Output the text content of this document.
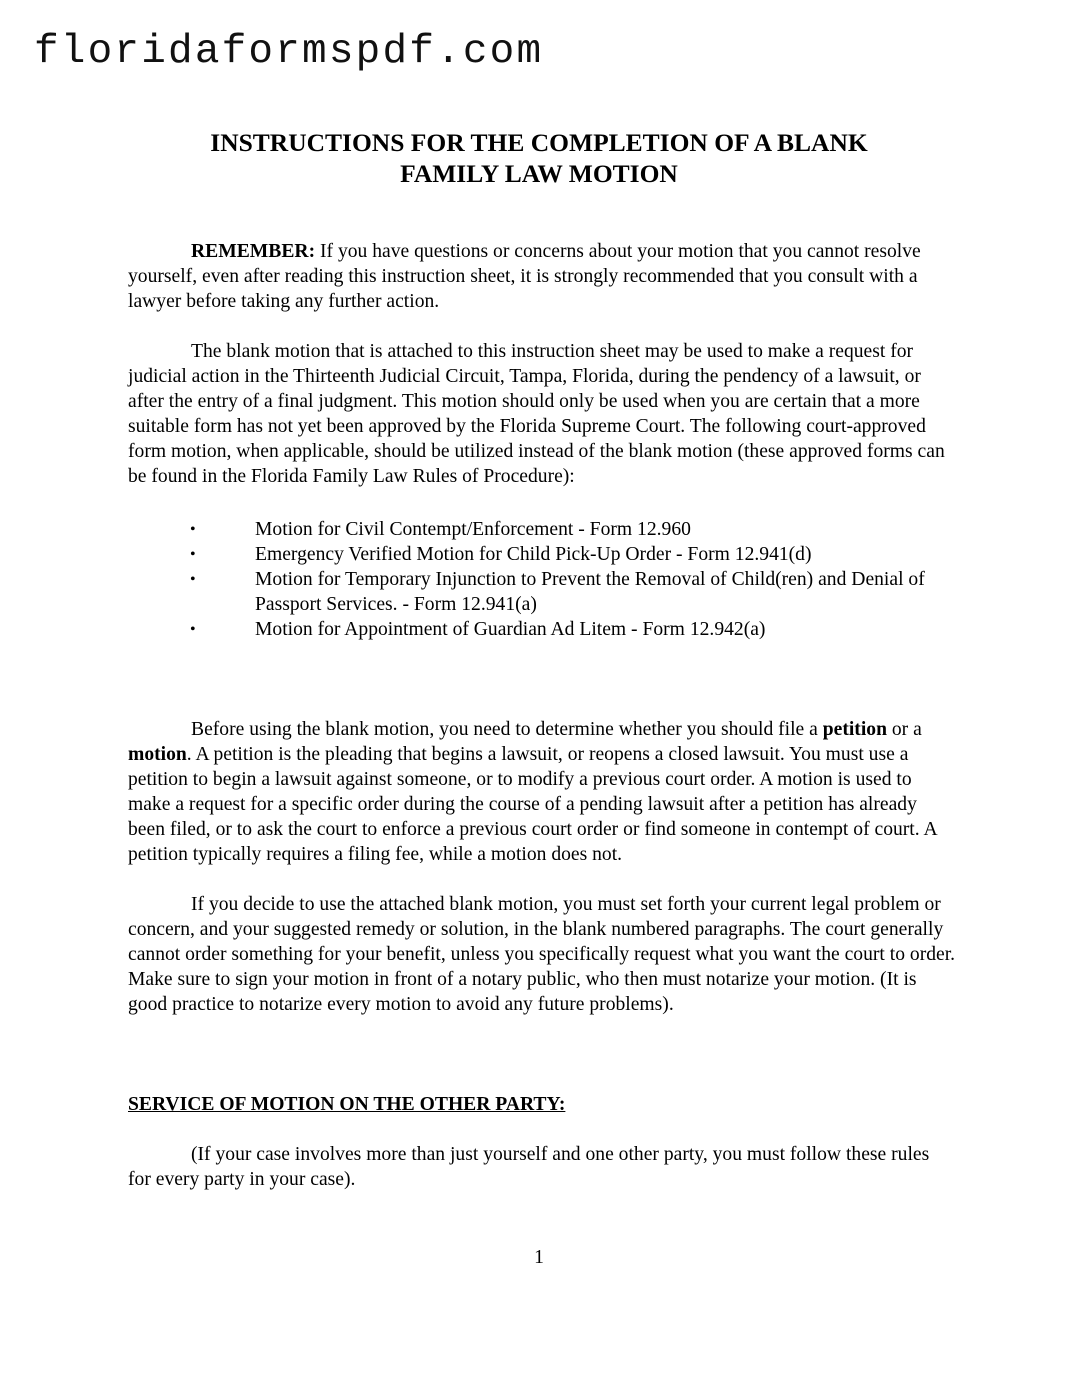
floridaformspdf.com
INSTRUCTIONS FOR THE COMPLETION OF A BLANK
FAMILY LAW MOTION
REMEMBER: If you have questions or concerns about your motion that you cannot resolve yourself, even after reading this instruction sheet, it is strongly recommended that you consult with a lawyer before taking any further action.
The blank motion that is attached to this instruction sheet may be used to make a request for judicial action in the Thirteenth Judicial Circuit, Tampa, Florida, during the pendency of a lawsuit, or after the entry of a final judgment. This motion should only be used when you are certain that a more suitable form has not yet been approved by the Florida Supreme Court. The following court-approved form motion, when applicable, should be utilized instead of the blank motion (these approved forms can be found in the Florida Family Law Rules of Procedure):
•	Motion for Civil Contempt/Enforcement - Form 12.960
•	Emergency Verified Motion for Child Pick-Up Order - Form 12.941(d)
•	Motion for Temporary Injunction to Prevent the Removal of Child(ren) and Denial of Passport Services. - Form 12.941(a)
•	Motion for Appointment of Guardian Ad Litem - Form 12.942(a)
Before using the blank motion, you need to determine whether you should file a petition or a motion. A petition is the pleading that begins a lawsuit, or reopens a closed lawsuit. You must use a petition to begin a lawsuit against someone, or to modify a previous court order. A motion is used to make a request for a specific order during the course of a pending lawsuit after a petition has already been filed, or to ask the court to enforce a previous court order or find someone in contempt of court. A petition typically requires a filing fee, while a motion does not.
If you decide to use the attached blank motion, you must set forth your current legal problem or concern, and your suggested remedy or solution, in the blank numbered paragraphs. The court generally cannot order something for your benefit, unless you specifically request what you want the court to order. Make sure to sign your motion in front of a notary public, who then must notarize your motion. (It is good practice to notarize every motion to avoid any future problems).
SERVICE OF MOTION ON THE OTHER PARTY:
(If your case involves more than just yourself and one other party, you must follow these rules for every party in your case).
1
